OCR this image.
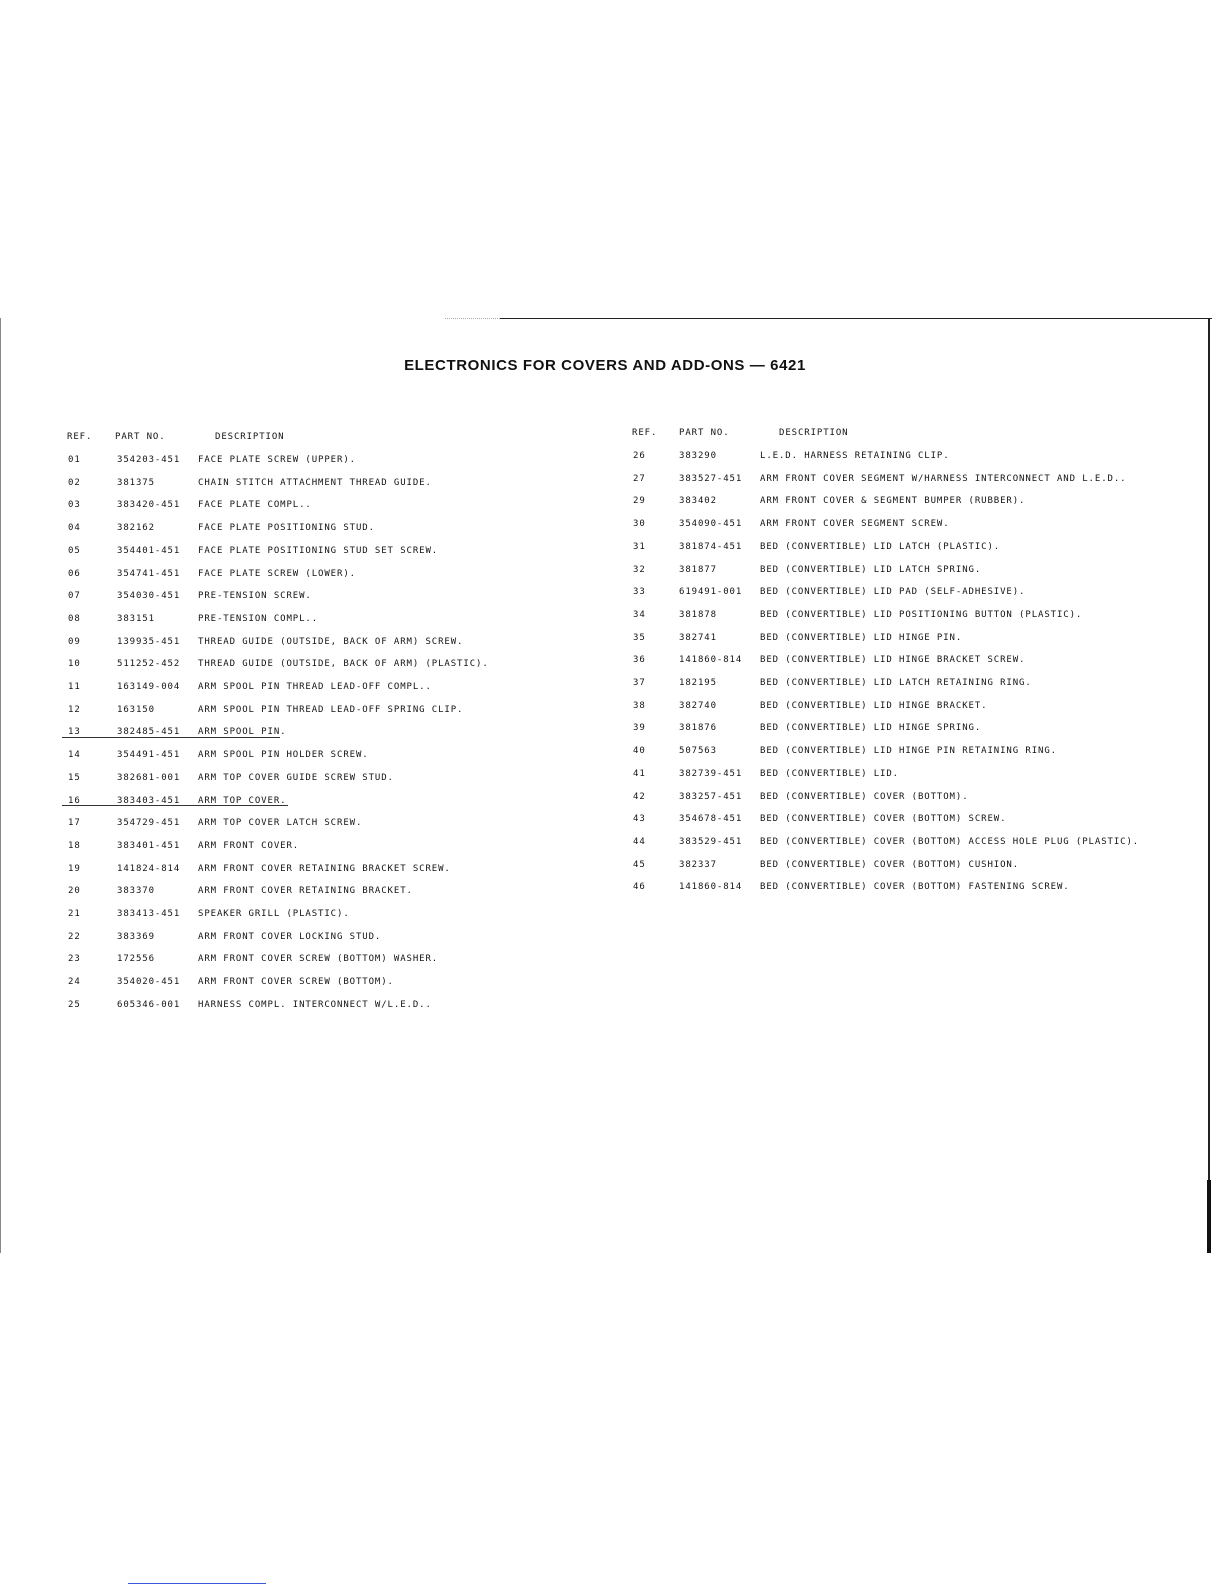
ELECTRONICS FOR COVERS AND ADD-ONS — 6421
REF.	PART NO.	DESCRIPTION	REF. PART NO.	DESCRIPTION
01	354203-451 FACE PLATE SCREW (UPPER).
02	381375	CHAIN STITCH ATTACHMENT THREAD GUIDE.
03	383420-451 FACE PLATE COMPL..
04	382162	FACE PLATE POSITIONING STUD.
05	354401-451 FACE PLATE POSITIONING STUD SET SCREW.
06	354741-451 FACE PLATE SCREW (LOWER).
07	354030-451 PRE-TENSION SCREW.
08	383151	PRE-TENSION COMPL..
09	139935-451 THREAD GUIDE (OUTSIDE, BACK OF ARM) SCREW.
10	511252-452 THREAD GUIDE (OUTSIDE, BACK OF ARM) (PLASTIC).
11	163149-004 ARM SPOOL PIN THREAD LEAD-OFF COMPL..
12	163150	ARM SPOOL PIN THREAD LEAD-OFF SPRING CLIP.
13	382485-451 ARM SPOOL PIN.
14	354491-451 ARM SPOOL PIN HOLDER SCREW.
15	382681-001 ARM TOP COVER GUIDE SCREW STUD.
16	383403-451 ARM TOP COVER.
17	354729-451 ARM TOP COVER LATCH SCREW.
18	383401-451 ARM FRONT COVER.
19	141824-814 ARM FRONT COVER RETAINING BRACKET SCREW.
20	383370	ARM FRONT COVER RETAINING BRACKET.
21	383413-451 SPEAKER GRILL (PLASTIC).
22	383369	ARM FRONT COVER LOCKING STUD.
23	172556	ARM FRONT COVER SCREW (BOTTOM) WASHER.
24	354020-451 ARM FRONT COVER SCREW (BOTTOM).
25	605346-001 HARNESS COMPL. INTERCONNECT W/L.E.D..
26	383290	L.E.D. HARNESS RETAINING CLIP.
27	383527-451 ARM FRONT COVER SEGMENT W/HARNESS INTERCONNECT AND L.E.D..
29	383402	ARM FRONT COVER & SEGMENT BUMPER (RUBBER).
30	354090-451 ARM FRONT COVER SEGMENT SCREW.
31	381874-451 BED (CONVERTIBLE) LID LATCH (PLASTIC).
32	381877	BED (CONVERTIBLE) LID LATCH SPRING.
33	619491-001 BED (CONVERTIBLE) LID PAD (SELF-ADHESIVE).
34	381878	BED (CONVERTIBLE) LID POSITIONING BUTTON (PLASTIC).
35	382741	BED (CONVERTIBLE) LID HINGE PIN.
36	141860-814 BED (CONVERTIBLE) LID HINGE BRACKET SCREW.
37	182195	BED (CONVERTIBLE) LID LATCH RETAINING RING.
38	382740	BED (CONVERTIBLE) LID HINGE BRACKET.
39	381876	BED (CONVERTIBLE) LID HINGE SPRING.
40	507563	BED (CONVERTIBLE) LID HINGE PIN RETAINING RING.
41	382739-451 BED (CONVERTIBLE) LID.
42	383257-451 BED (CONVERTIBLE) COVER (BOTTOM).
43	354678-451 BED (CONVERTIBLE) COVER (BOTTOM) SCREW.
44	383529-451 BED (CONVERTIBLE) COVER (BOTTOM) ACCESS HOLE PLUG (PLASTIC).
45	382337	BED (CONVERTIBLE) COVER (BOTTOM) CUSHION.
46	141860-814 BED (CONVERTIBLE) COVER (BOTTOM) FASTENING SCREW.
